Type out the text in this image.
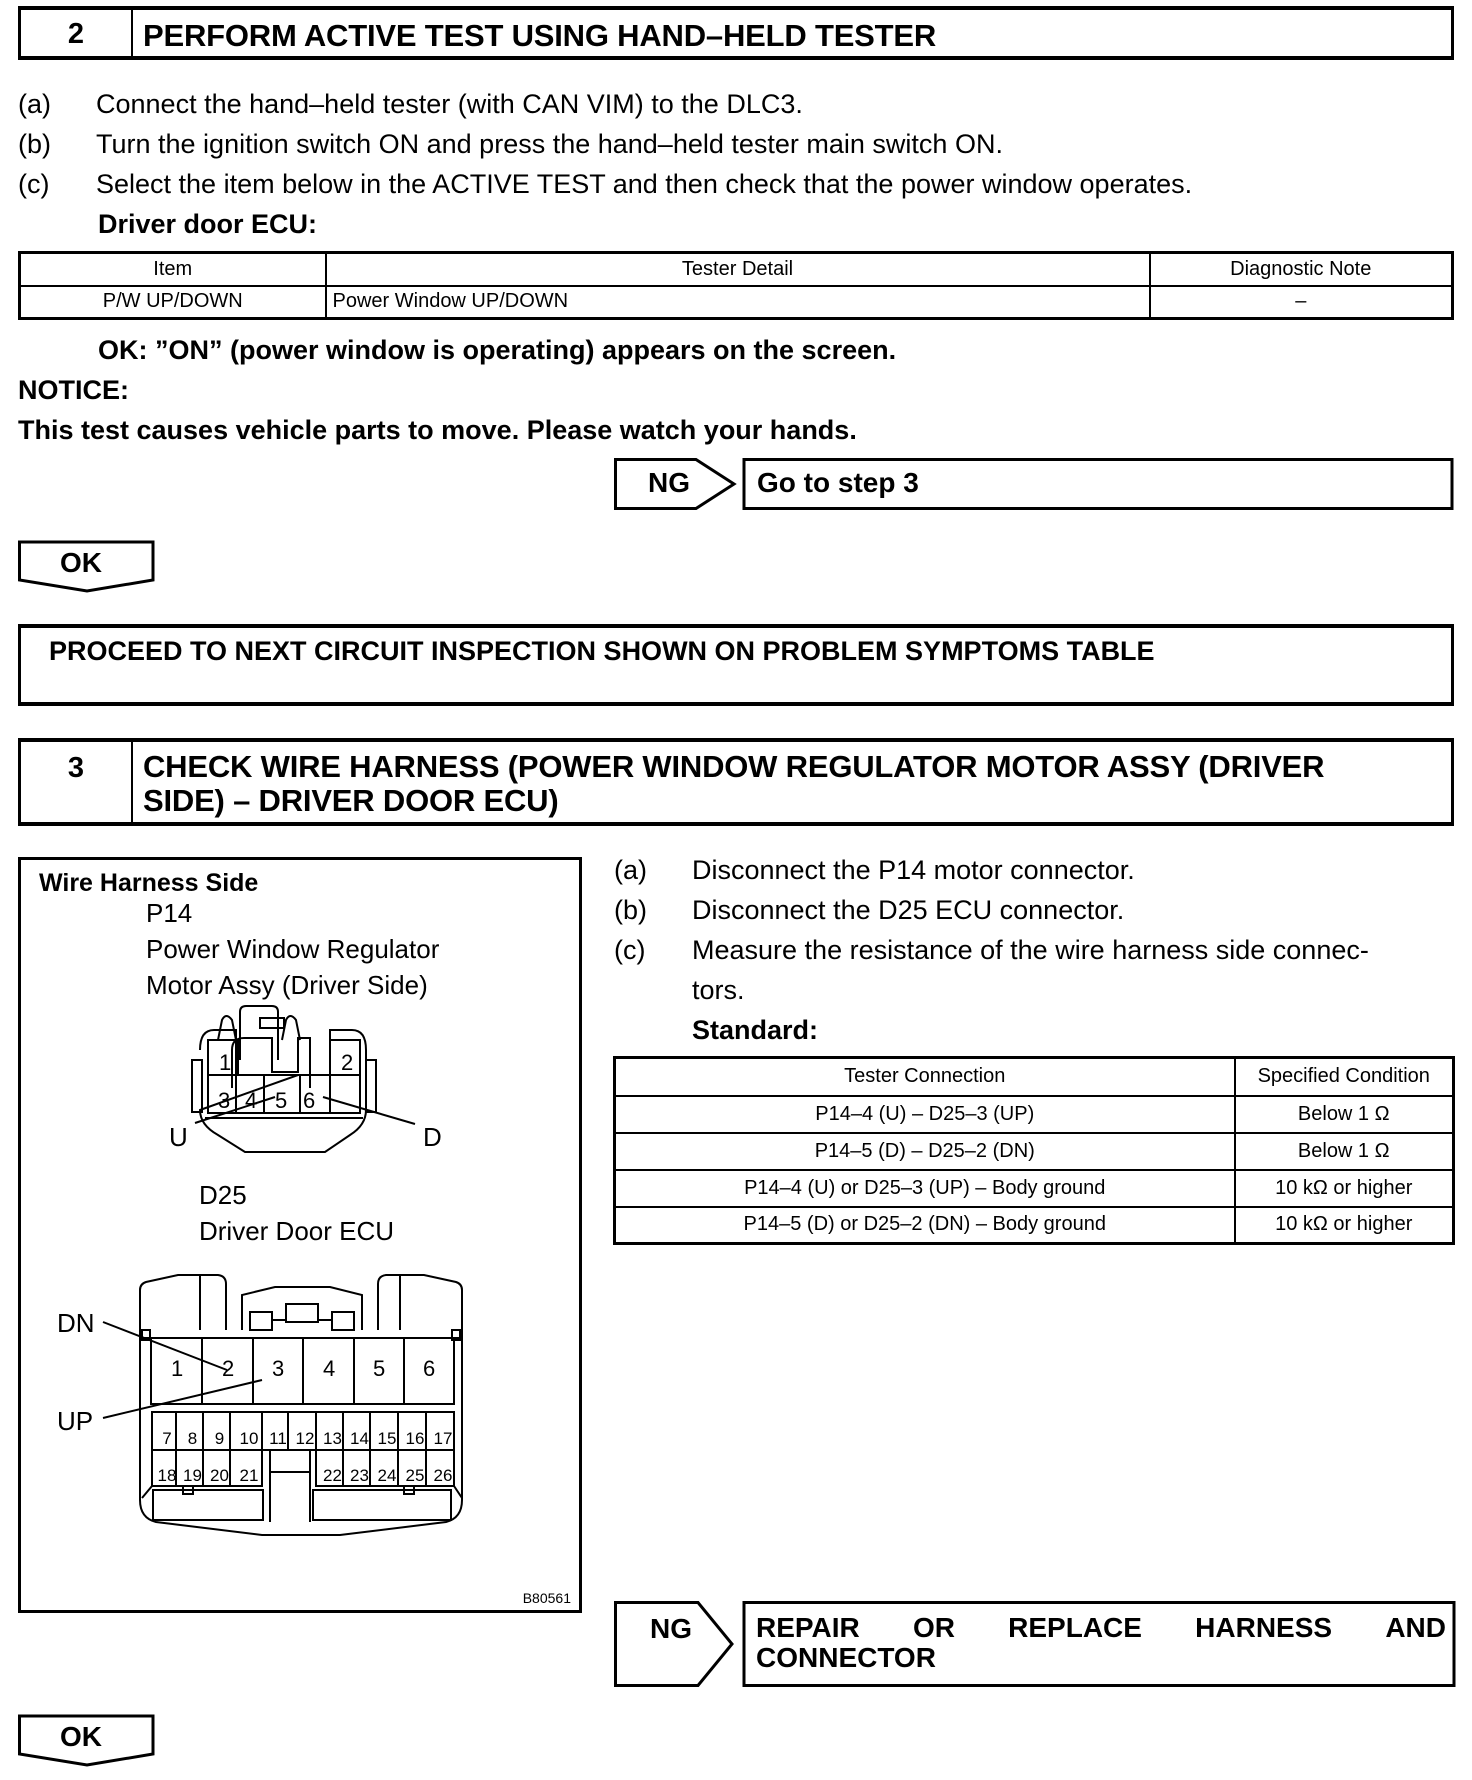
2	PERFORM ACTIVE TEST USING HAND–HELD TESTER
(a) Connect the hand–held tester (with CAN VIM) to the DLC3.
(b) Turn the ignition switch ON and press the hand–held tester main switch ON.
(c) Select the item below in the ACTIVE TEST and then check that the power window operates.
Driver door ECU:
Item	Tester Detail	Diagnostic Note
P/W UP/DOWN	Power Window UP/DOWN	–
OK: ”ON” (power window is operating) appears on the screen.
NOTICE:
This test causes vehicle parts to move. Please watch your hands.
NG Go to step 3
OK
PROCEED TO NEXT CIRCUIT INSPECTION SHOWN ON PROBLEM SYMPTOMS TABLE
3	CHECK WIRE HARNESS (POWER WINDOW REGULATOR MOTOR ASSY (DRIVER
SIDE) – DRIVER DOOR ECU)
Wire Harness Side
P14
Power Window Regulator
Motor Assy (Driver Side)
1	2
3 4 5 6
U	D
D25
Driver Door ECU
DN
UP
1 2 3 4 5 6
7 8	9 10 11 12 13 14 15 16 17
18 19 20 21	22 23 24 25 26
B80561
(a) Disconnect the P14 motor connector.
(b) Disconnect the D25 ECU connector.
(c) Measure the resistance of the wire harness side connec-
tors.
Standard:
Tester Connection	Specified Condition
P14–4 (U) – D25–3 (UP)	Below 1 Ω
P14–5 (D) – D25–2 (DN)	Below 1 Ω
P14–4 (U) or D25–3 (UP) – Body ground	10 kΩ or higher
P14–5 (D) or D25–2 (DN) – Body ground	10 kΩ or higher
NG REPAIR OR REPLACE HARNESS AND
CONNECTOR
OK
